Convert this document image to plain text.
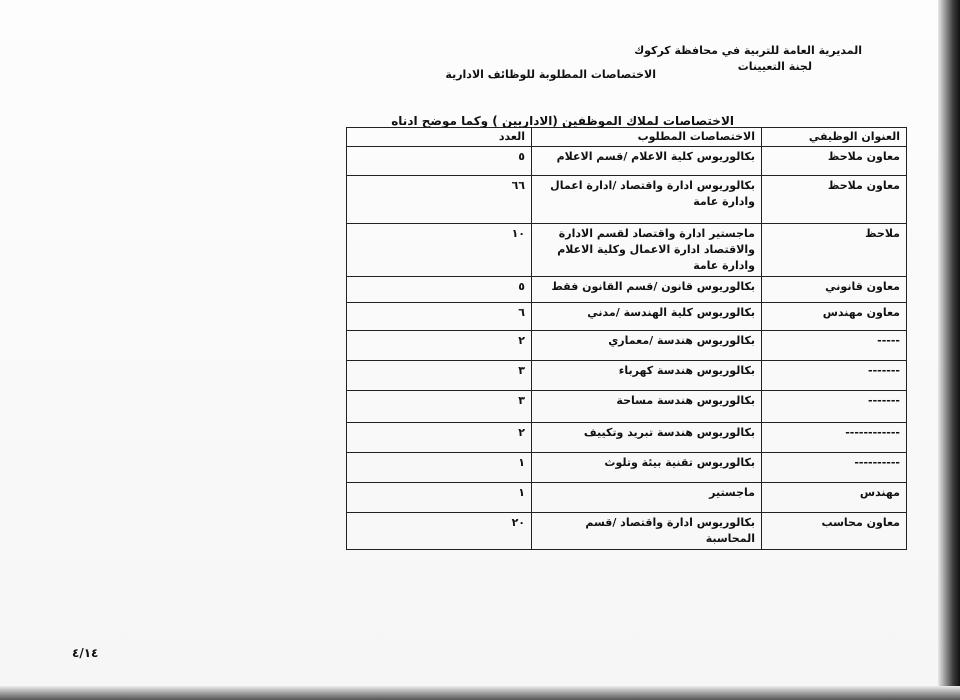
المديرية العامة للتربية في محافظة كركوك
لجنة التعيينات
الاختصاصات المطلوبة للوظائف الادارية
الاختصاصات لملاك الموظفين (الاداريين ) وكما موضح ادناه
العنوان الوظيفي	الاختصاصات المطلوب	العدد
معاون ملاحظ	بكالوريوس كلية الاعلام /قسم الاعلام	٥
معاون ملاحظ	بكالوريوس ادارة واقتصاد /ادارة اعمال وادارة عامة	٦٦
ملاحظ	ماجستير ادارة واقتصاد لقسم الادارة والاقتصاد ادارة الاعمال وكلية الاعلام وادارة عامة	١٠
معاون قانوني	بكالوريوس قانون /قسم القانون فقط	٥
معاون مهندس	بكالوريوس كلية الهندسة /مدني	٦
-----	بكالوريوس هندسة /معماري	٢
-------	بكالوريوس هندسة كهرباء	٣
-------	بكالوريوس هندسة مساحة	٣
------------	بكالوريوس هندسة تبريد وتكييف	٢
----------	بكالوريوس تقنية بيئة وتلوث	١
مهندس	ماجستير	١
معاون محاسب	بكالوريوس ادارة واقتصاد /قسم المحاسبة	٢٠
٤/١٤
